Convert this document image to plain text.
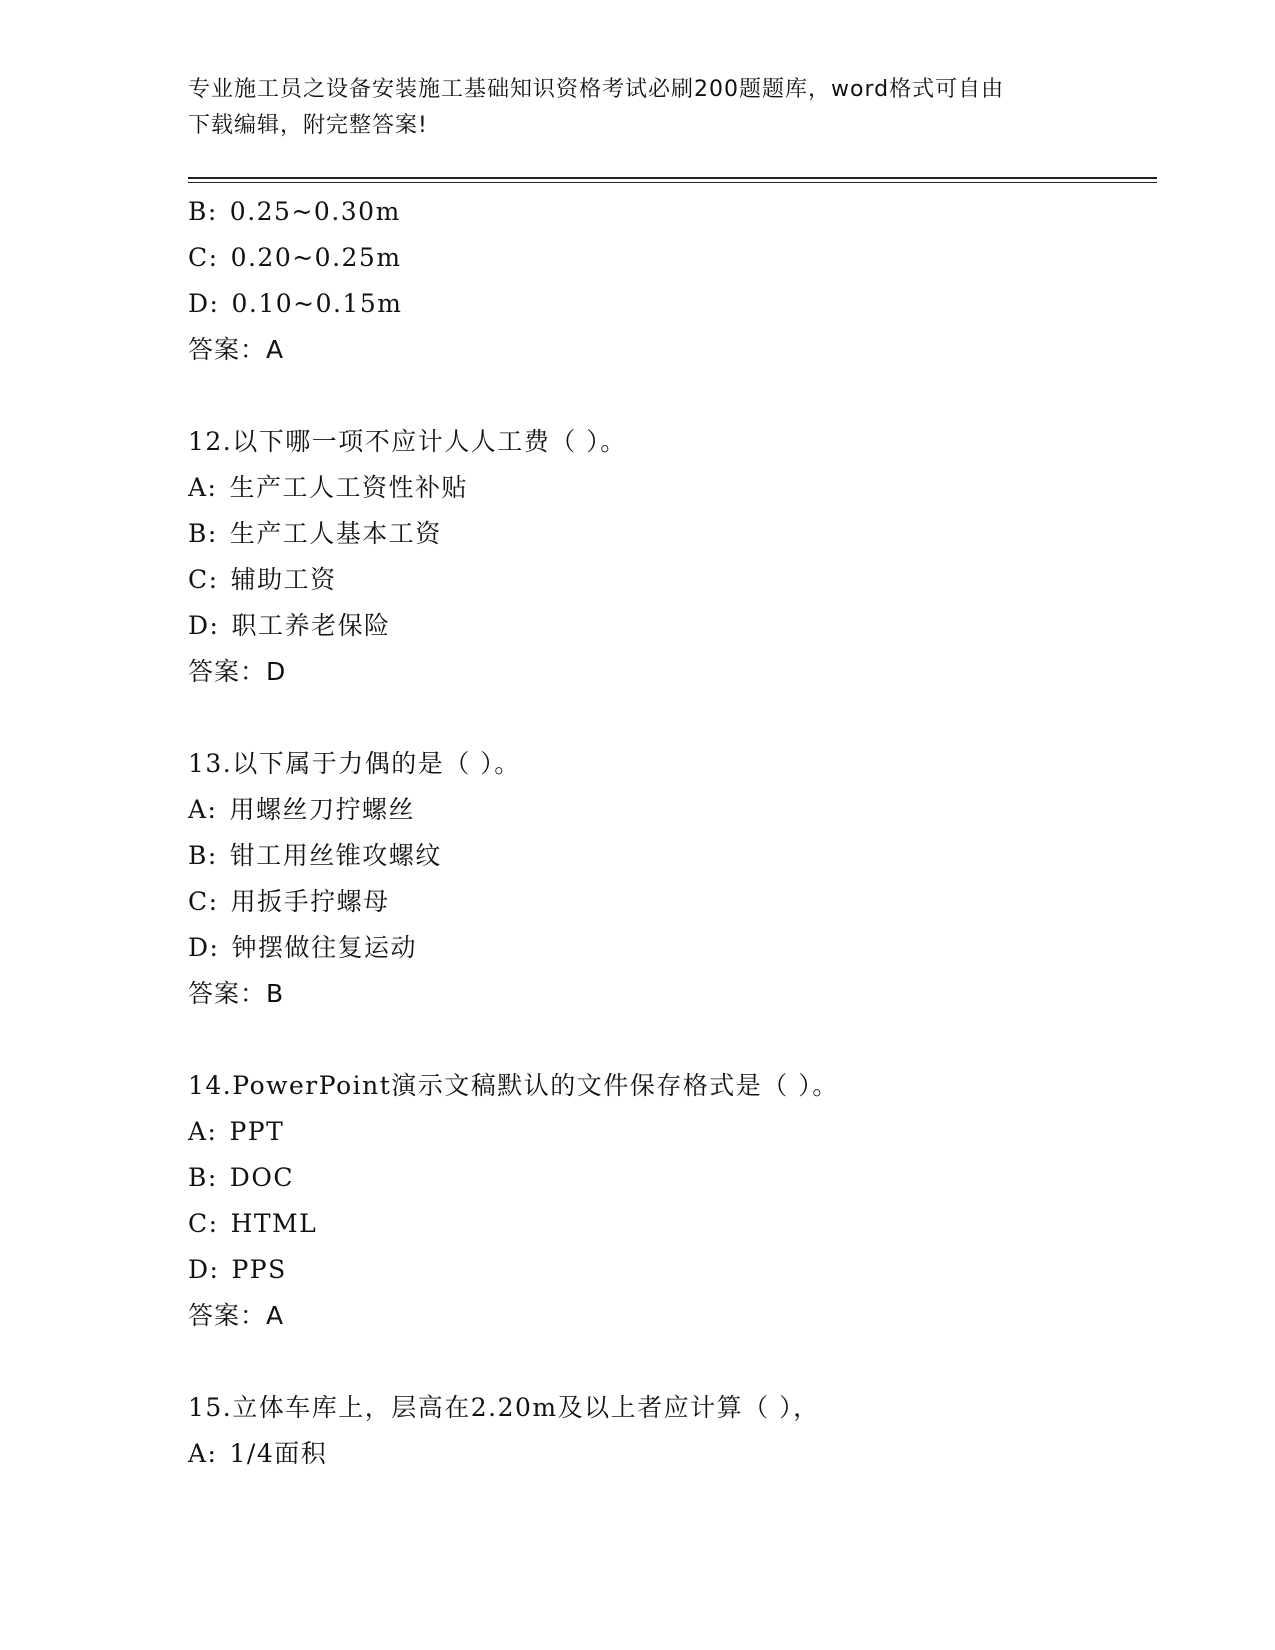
专业施工员之设备安装施工基础知识资格考试必刷200题题库，word格式可自由
下载编辑，附完整答案!
B: 0.25~0.30m
C: 0.20~0.25m
D: 0.10~0.15m
答案：A
12.以下哪一项不应计人人工费（ ）。
A: 生产工人工资性补贴
B: 生产工人基本工资
C: 辅助工资
D: 职工养老保险
答案：D
13.以下属于力偶的是（ ）。
A: 用螺丝刀拧螺丝
B: 钳工用丝锥攻螺纹
C: 用扳手拧螺母
D: 钟摆做往复运动
答案：B
14.PowerPoint演示文稿默认的文件保存格式是（ ）。
A: PPT
B: DOC
C: HTML
D: PPS
答案：A
15.立体车库上，层高在2.20m及以上者应计算（ ），
A: 1/4面积
